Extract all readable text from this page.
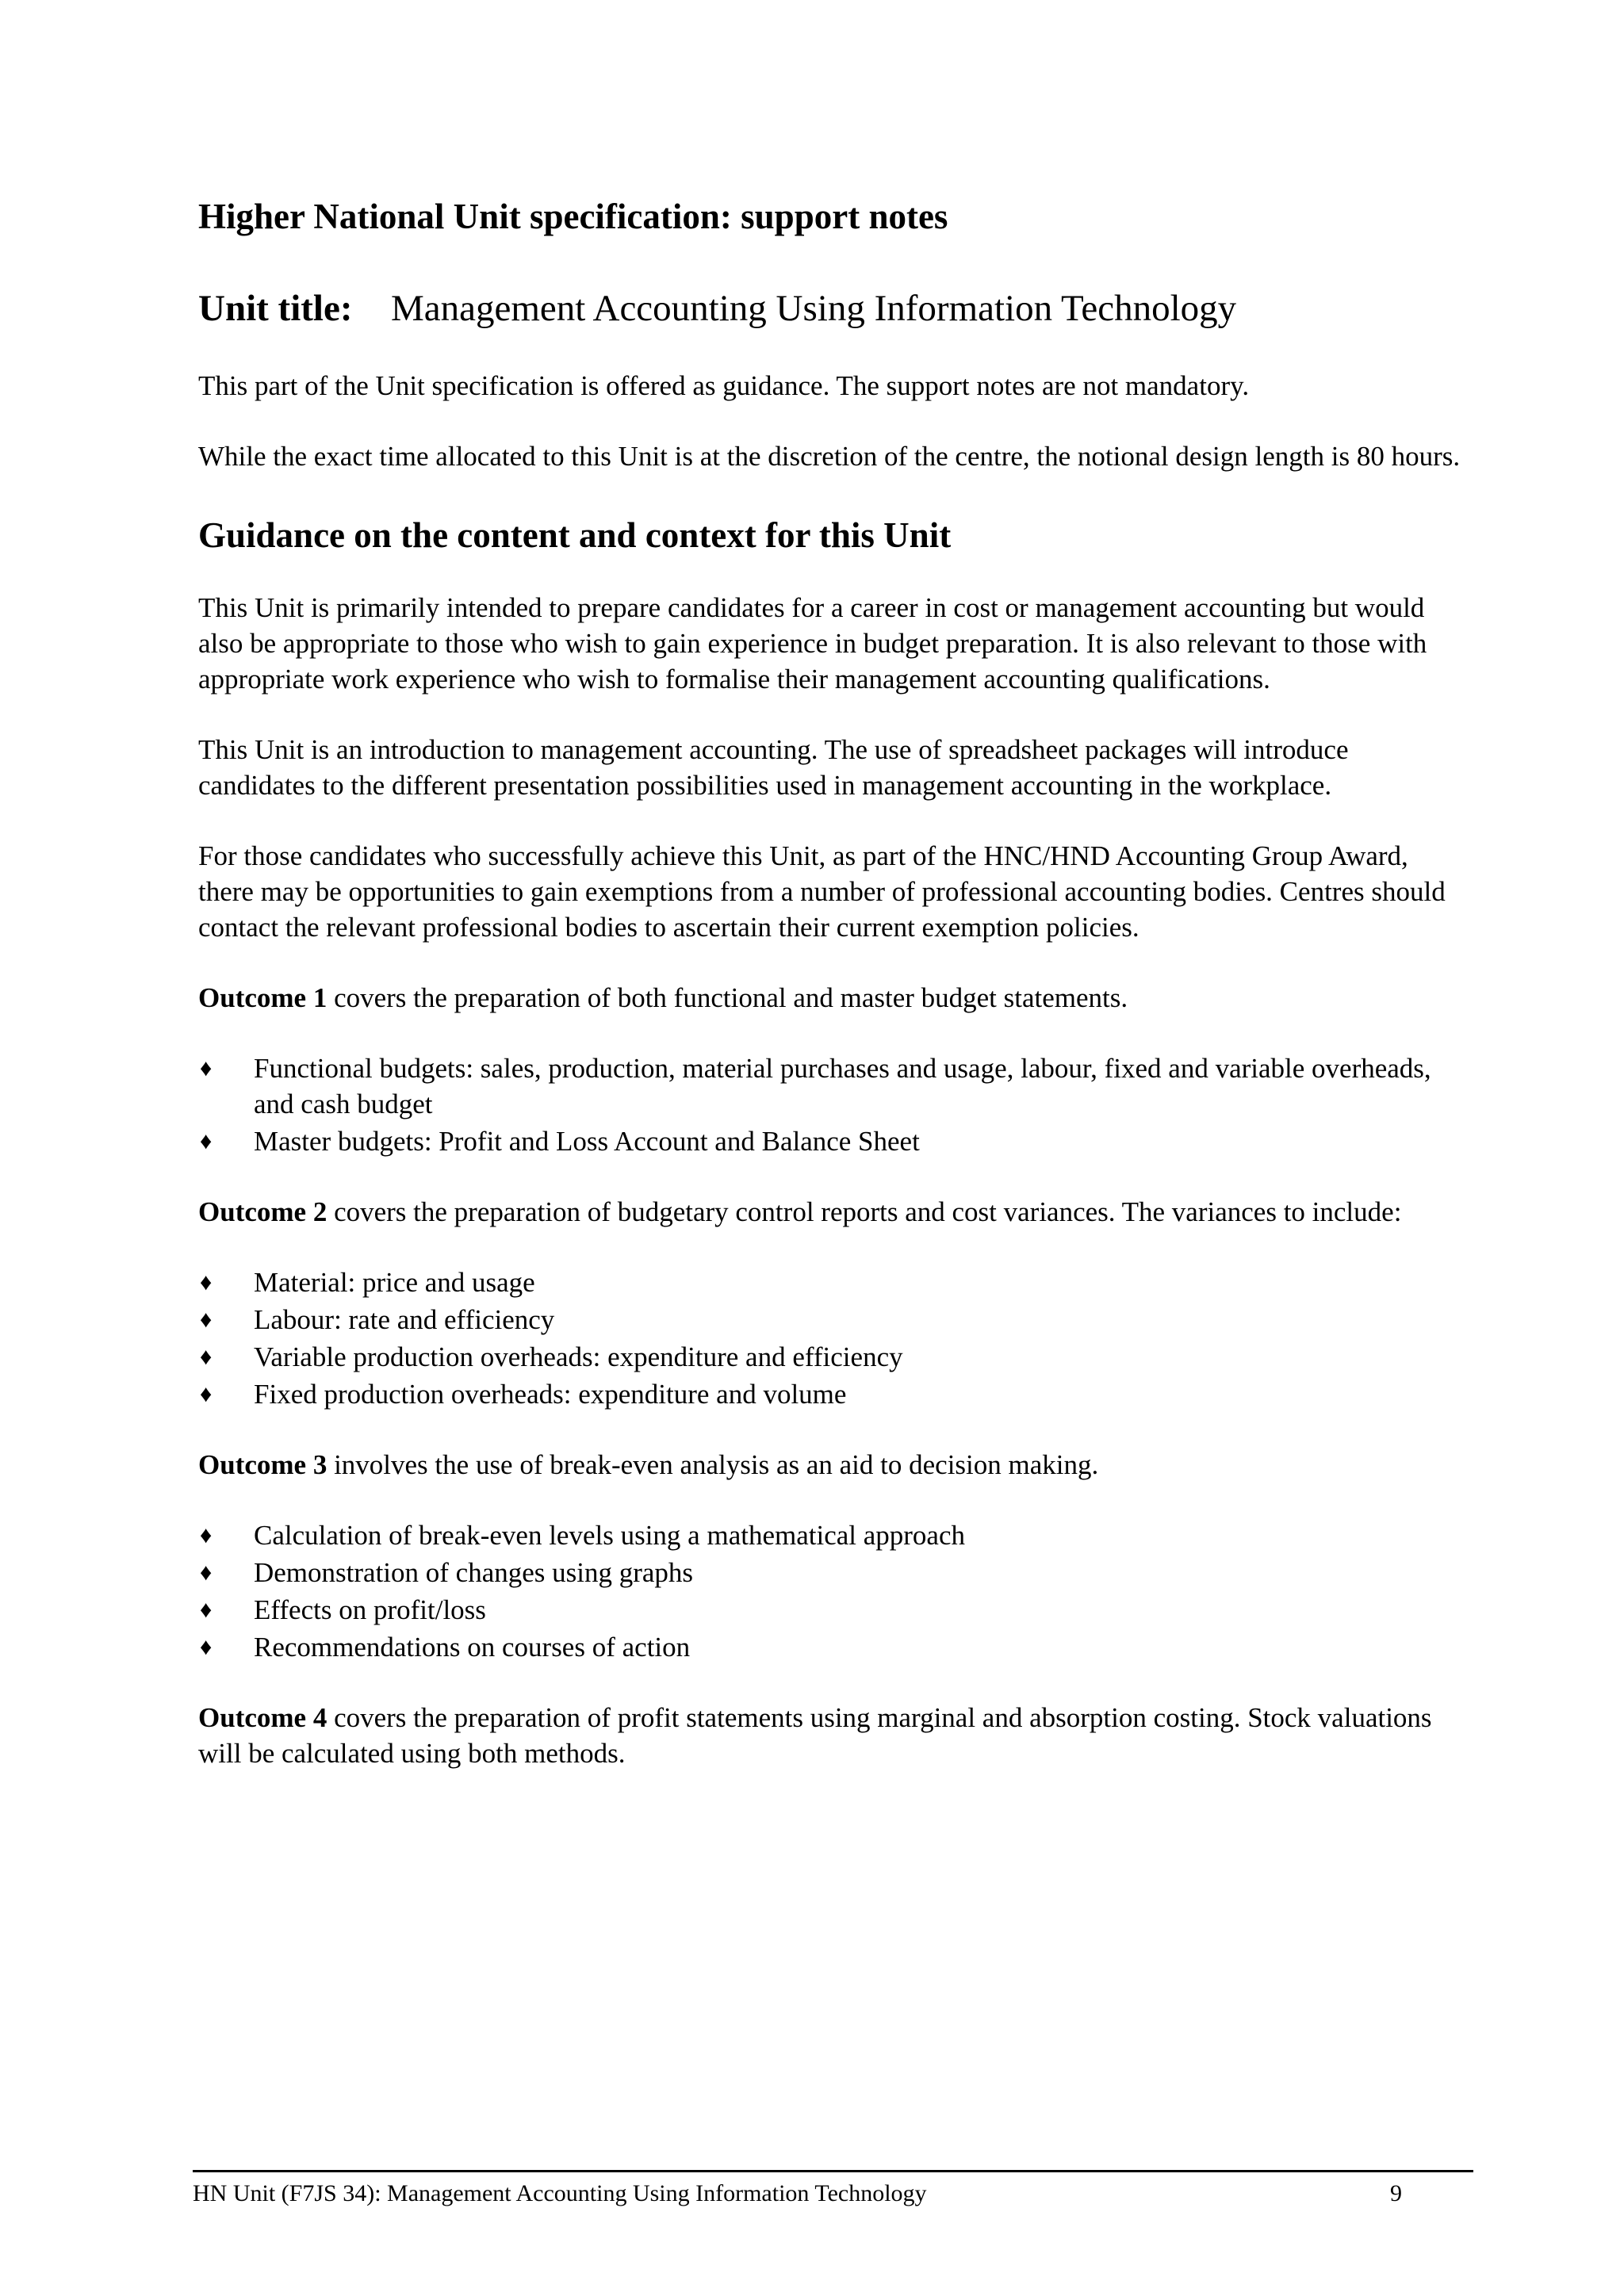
Higher National Unit specification: support notes
Unit title: Management Accounting Using Information Technology

This part of the Unit specification is offered as guidance. The support notes are not mandatory.

While the exact time allocated to this Unit is at the discretion of the centre, the notional design length is 80 hours.

Guidance on the content and context for this Unit

This Unit is primarily intended to prepare candidates for a career in cost or management accounting but would also be appropriate to those who wish to gain experience in budget preparation. It is also relevant to those with appropriate work experience who wish to formalise their management accounting qualifications.

This Unit is an introduction to management accounting. The use of spreadsheet packages will introduce candidates to the different presentation possibilities used in management accounting in the workplace.

For those candidates who successfully achieve this Unit, as part of the HNC/HND Accounting Group Award, there may be opportunities to gain exemptions from a number of professional accounting bodies. Centres should contact the relevant professional bodies to ascertain their current exemption policies.

Outcome 1 covers the preparation of both functional and master budget statements.

♦ Functional budgets: sales, production, material purchases and usage, labour, fixed and variable overheads, and cash budget
♦ Master budgets: Profit and Loss Account and Balance Sheet

Outcome 2 covers the preparation of budgetary control reports and cost variances. The variances to include:

♦ Material: price and usage
♦ Labour: rate and efficiency
♦ Variable production overheads: expenditure and efficiency
♦ Fixed production overheads: expenditure and volume

Outcome 3 involves the use of break-even analysis as an aid to decision making.

♦ Calculation of break-even levels using a mathematical approach
♦ Demonstration of changes using graphs
♦ Effects on profit/loss
♦ Recommendations on courses of action

Outcome 4 covers the preparation of profit statements using marginal and absorption costing. Stock valuations will be calculated using both methods.

HN Unit (F7JS 34): Management Accounting Using Information Technology	9
